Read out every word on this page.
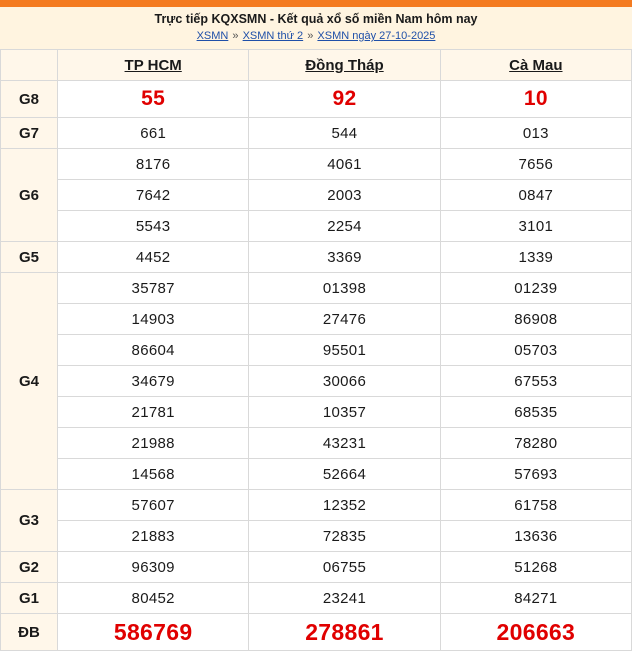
Trực tiếp KQXSMN - Kết quả xổ số miền Nam hôm nay
XSMN » XSMN thứ 2 » XSMN ngày 27-10-2025
	TP HCM	Đồng Tháp	Cà Mau
G8	55	92	10
G7	661	544	013
G6	8176	4061	7656
	7642	2003	0847
	5543	2254	3101
G5	4452	3369	1339
G4	35787	01398	01239
	14903	27476	86908
	86604	95501	05703
	34679	30066	67553
	21781	10357	68535
	21988	43231	78280
	14568	52664	57693
G3	57607	12352	61758
	21883	72835	13636
G2	96309	06755	51268
G1	80452	23241	84271
ĐB	586769	278861	206663
